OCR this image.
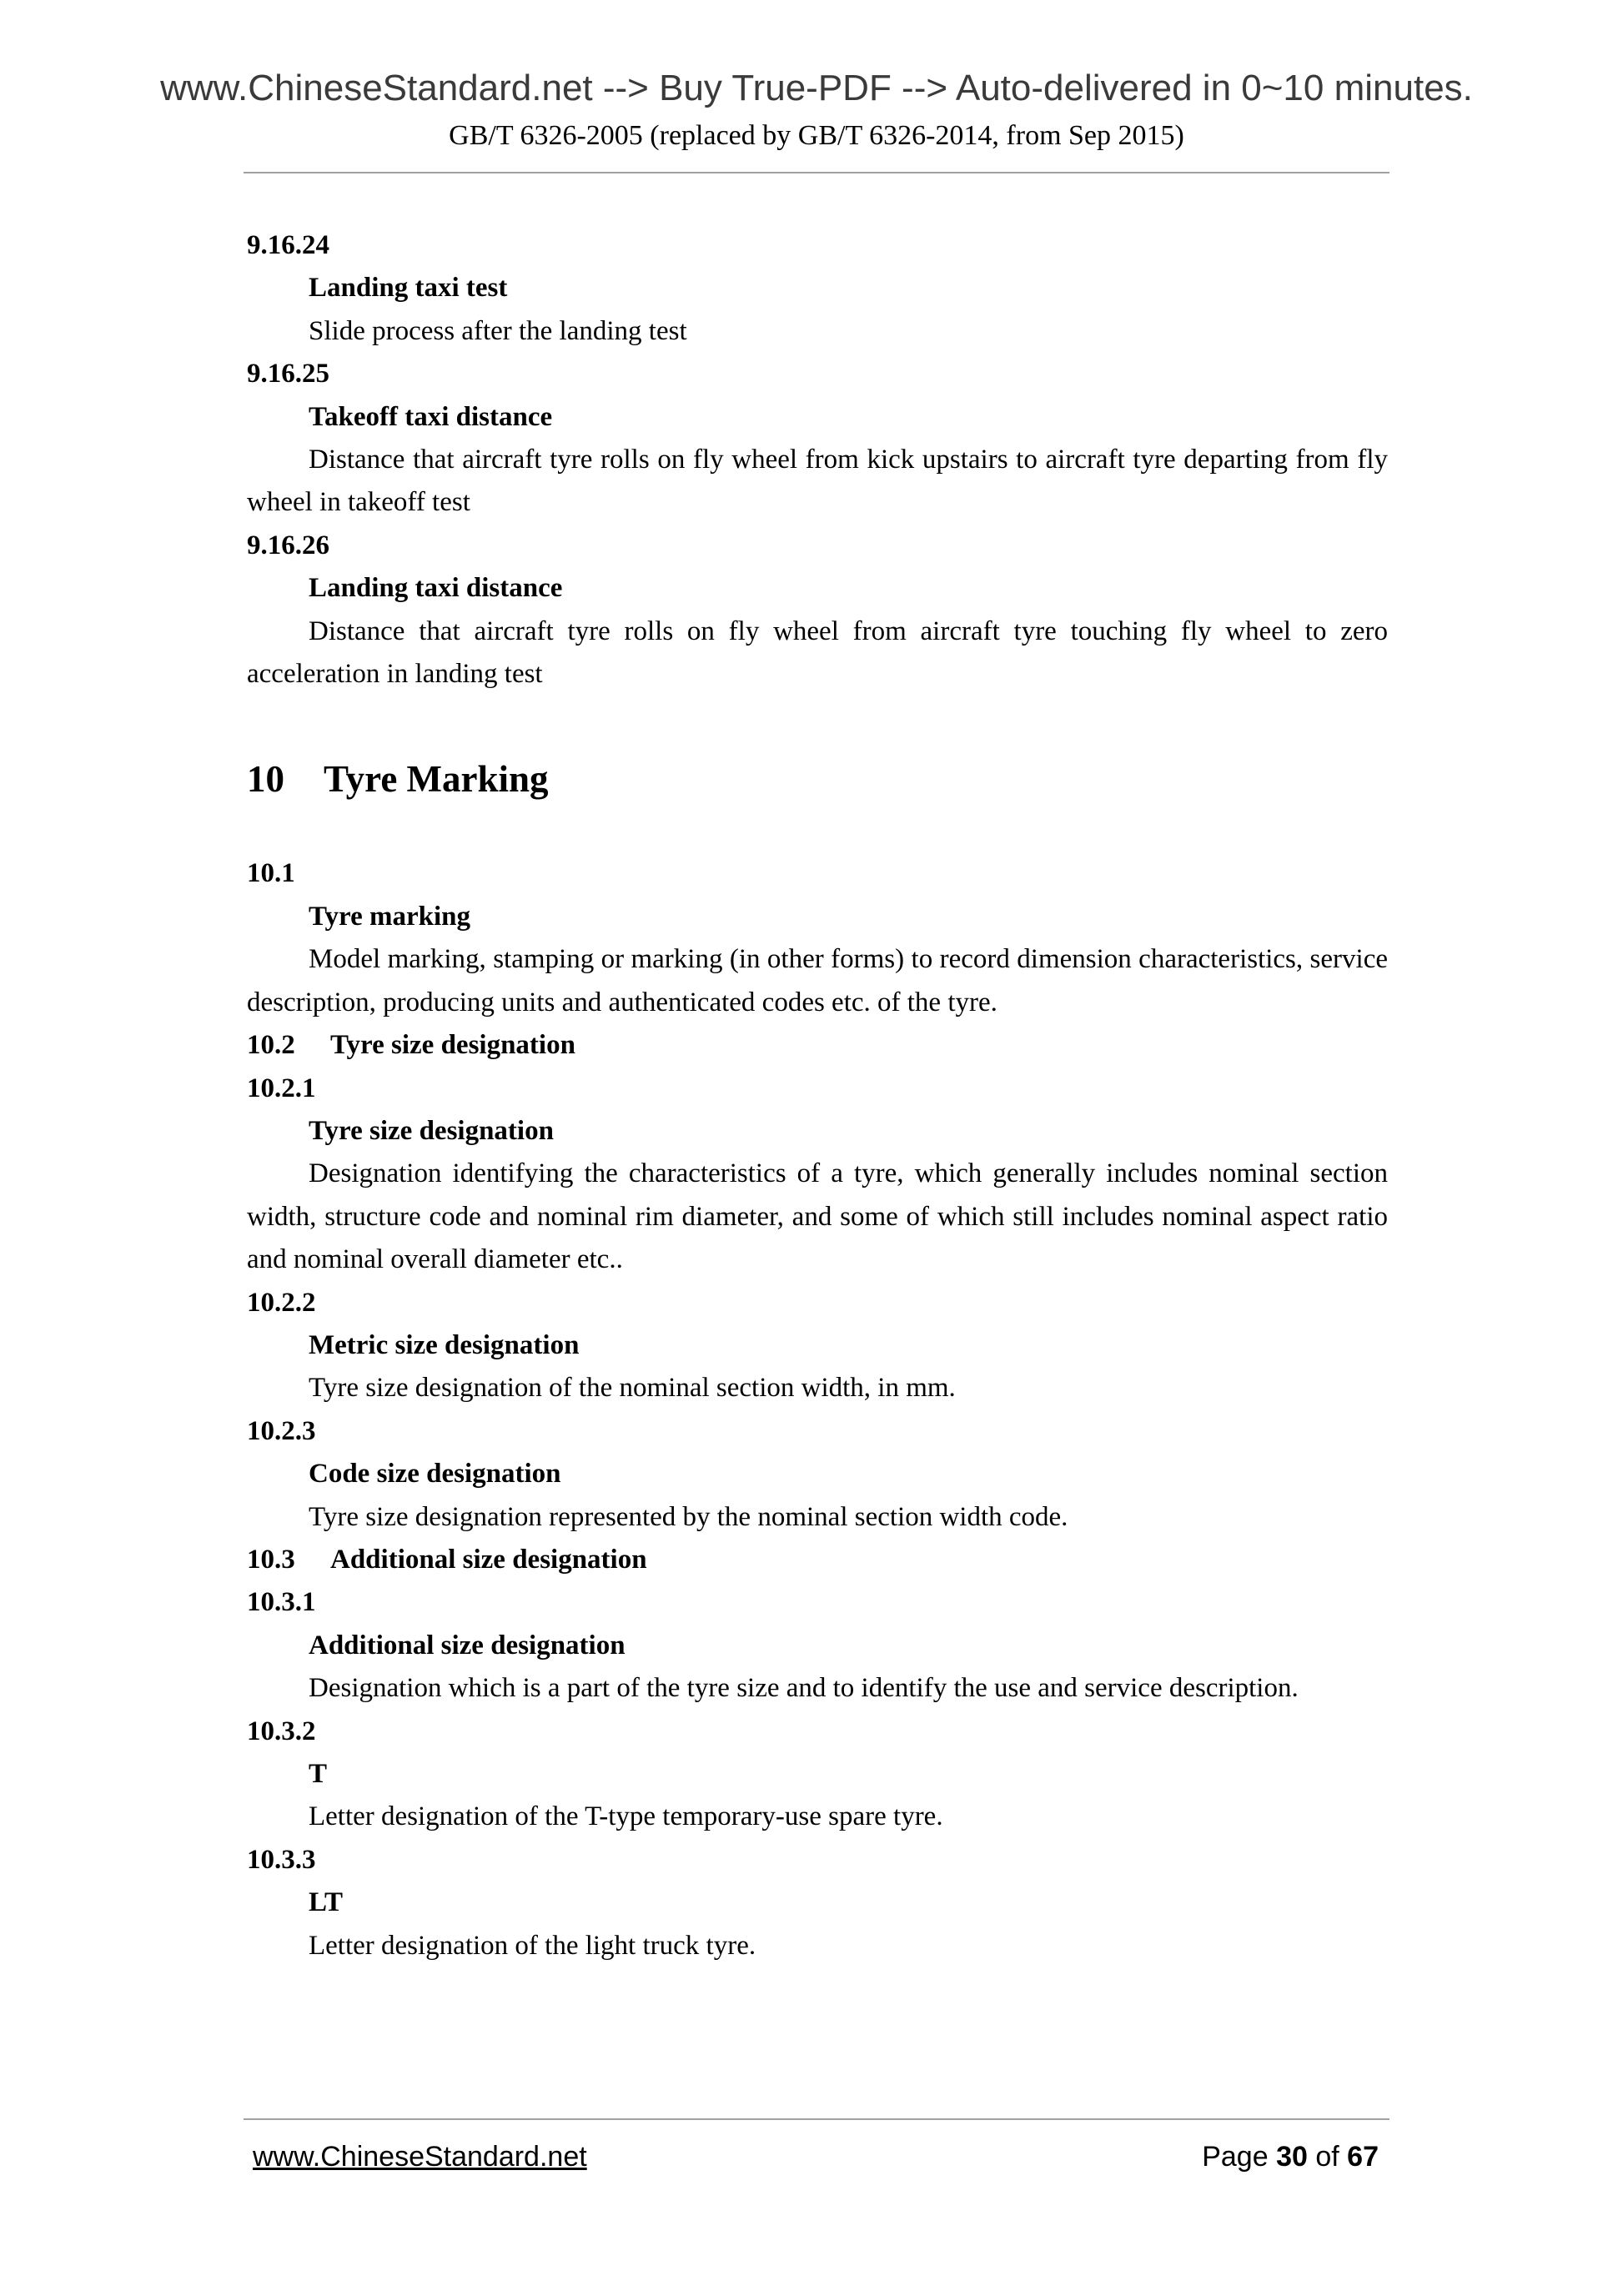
www.ChineseStandard.net --> Buy True-PDF --> Auto-delivered in 0~10 minutes.
GB/T 6326-2005 (replaced by GB/T 6326-2014, from Sep 2015)
9.16.24
Landing taxi test
Slide process after the landing test
9.16.25
Takeoff taxi distance
Distance that aircraft tyre rolls on fly wheel from kick upstairs to aircraft tyre departing from fly wheel in takeoff test
9.16.26
Landing taxi distance
Distance that aircraft tyre rolls on fly wheel from aircraft tyre touching fly wheel to zero acceleration in landing test
10 Tyre Marking
10.1
Tyre marking
Model marking, stamping or marking (in other forms) to record dimension characteristics, service description, producing units and authenticated codes etc. of the tyre.
10.2 Tyre size designation
10.2.1
Tyre size designation
Designation identifying the characteristics of a tyre, which generally includes nominal section width, structure code and nominal rim diameter, and some of which still includes nominal aspect ratio and nominal overall diameter etc..
10.2.2
Metric size designation
Tyre size designation of the nominal section width, in mm.
10.2.3
Code size designation
Tyre size designation represented by the nominal section width code.
10.3 Additional size designation
10.3.1
Additional size designation
Designation which is a part of the tyre size and to identify the use and service description.
10.3.2
T
Letter designation of the T-type temporary-use spare tyre.
10.3.3
LT
Letter designation of the light truck tyre.
www.ChineseStandard.net	Page 30 of 67
